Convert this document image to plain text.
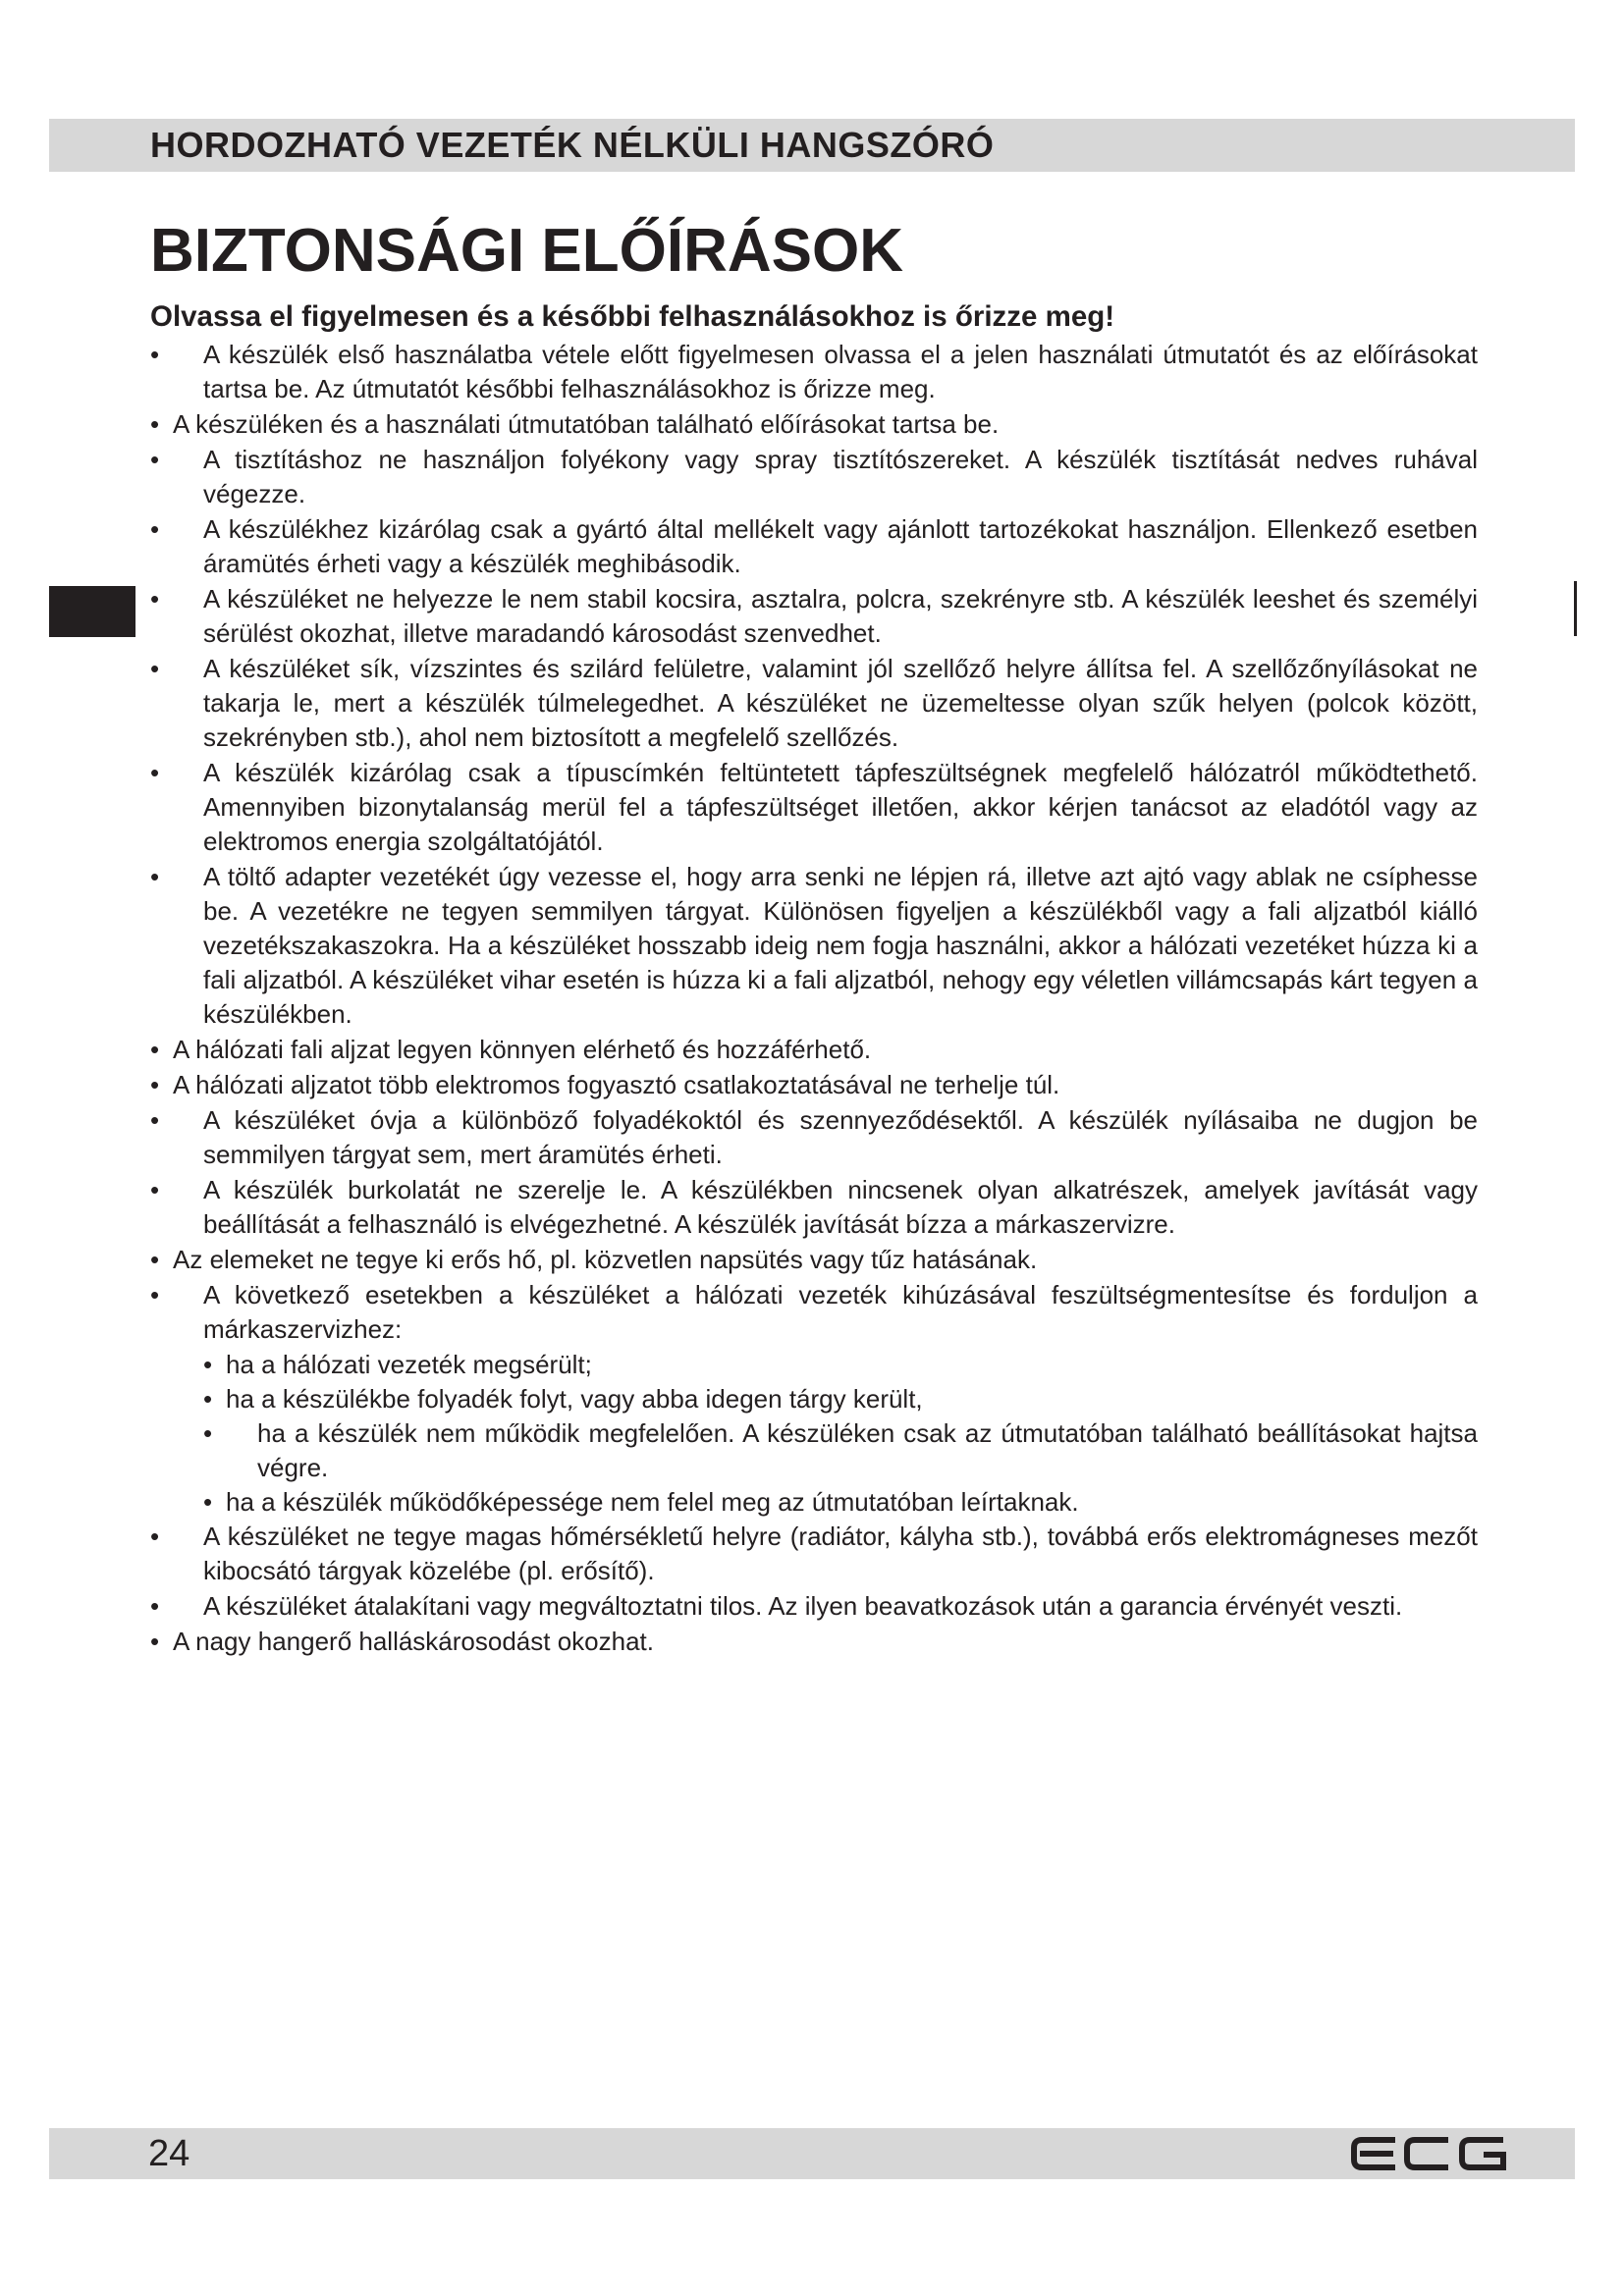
HORDOZHATÓ VEZETÉK NÉLKÜLI HANGSZÓRÓ
BIZTONSÁGI ELŐÍRÁSOK
Olvassa el figyelmesen és a későbbi felhasználásokhoz is őrizze meg!
• A készülék első használatba vétele előtt figyelmesen olvassa el a jelen használati útmutatót és az előírásokat tartsa be. Az útmutatót későbbi felhasználásokhoz is őrizze meg.
• A készüléken és a használati útmutatóban található előírásokat tartsa be.
• A tisztításhoz ne használjon folyékony vagy spray tisztítószereket. A készülék tisztítását nedves ruhával végezze.
• A készülékhez kizárólag csak a gyártó által mellékelt vagy ajánlott tartozékokat használjon. Ellenkező esetben áramütés érheti vagy a készülék meghibásodik.
• A készüléket ne helyezze le nem stabil kocsira, asztalra, polcra, szekrényre stb. A készülék leeshet és személyi sérülést okozhat, illetve maradandó károsodást szenvedhet.
• A készüléket sík, vízszintes és szilárd felületre, valamint jól szellőző helyre állítsa fel. A szellőzőnyílásokat ne takarja le, mert a készülék túlmelegedhet. A készüléket ne üzemeltesse olyan szűk helyen (polcok között, szekrényben stb.), ahol nem biztosított a megfelelő szellőzés.
• A készülék kizárólag csak a típuscímkén feltüntetett tápfeszültségnek megfelelő hálózatról működtethető. Amennyiben bizonytalanság merül fel a tápfeszültséget illetően, akkor kérjen tanácsot az eladótól vagy az elektromos energia szolgáltatójától.
• A töltő adapter vezetékét úgy vezesse el, hogy arra senki ne lépjen rá, illetve azt ajtó vagy ablak ne csíphesse be. A vezetékre ne tegyen semmilyen tárgyat. Különösen figyeljen a készülékből vagy a fali aljzatból kiálló vezetékszakaszokra. Ha a készüléket hosszabb ideig nem fogja használni, akkor a hálózati vezetéket húzza ki a fali aljzatból. A készüléket vihar esetén is húzza ki a fali aljzatból, nehogy egy véletlen villámcsapás kárt tegyen a készülékben.
• A hálózati fali aljzat legyen könnyen elérhető és hozzáférhető.
• A hálózati aljzatot több elektromos fogyasztó csatlakoztatásával ne terhelje túl.
• A készüléket óvja a különböző folyadékoktól és szennyeződésektől. A készülék nyílásaiba ne dugjon be semmilyen tárgyat sem, mert áramütés érheti.
• A készülék burkolatát ne szerelje le. A készülékben nincsenek olyan alkatrészek, amelyek javítását vagy beállítását a felhasználó is elvégezhetné. A készülék javítását bízza a márkaszervizre.
• Az elemeket ne tegye ki erős hő, pl. közvetlen napsütés vagy tűz hatásának.
• A következő esetekben a készüléket a hálózati vezeték kihúzásával feszültségmentesítse és forduljon a márkaszervizhez:
• ha a hálózati vezeték megsérült;
• ha a készülékbe folyadék folyt, vagy abba idegen tárgy került,
• ha a készülék nem működik megfelelően. A készüléken csak az útmutatóban található beállításokat hajtsa végre.
• ha a készülék működőképessége nem felel meg az útmutatóban leírtaknak.
• A készüléket ne tegye magas hőmérsékletű helyre (radiátor, kályha stb.), továbbá erős elektromágneses mezőt kibocsátó tárgyak közelébe (pl. erősítő).
• A készüléket átalakítani vagy megváltoztatni tilos. Az ilyen beavatkozások után a garancia érvényét veszti.
• A nagy hangerő halláskárosodást okozhat.
24
